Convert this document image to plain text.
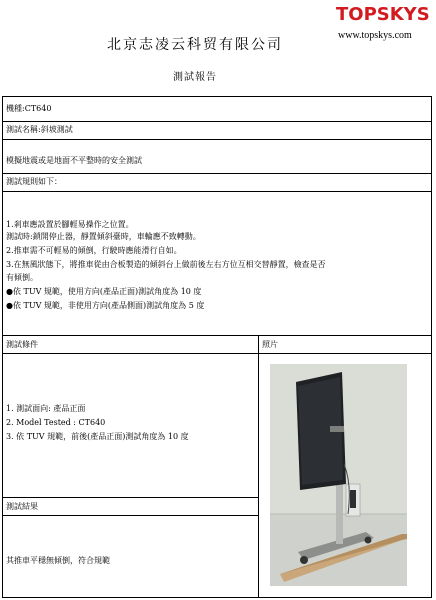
北京志凌云科贸有限公司
測試報告
TOPSKYS
www.topskys.com
機種:CT640
測試名稱:斜坡測試
模擬地震或是地面不平整時的安全測試
測試規則如下：
1.剎車應設置於腳輕易操作之位置。
測試時:鎖開停止器，靜置傾斜臺時，車輪應不致轉動。
2.推車需不可輕易的傾倒，行駛時應能滑行自如。
3.在無風狀態下，將推車從由合板製造的傾斜台上做前後左右方位互相交替靜置，檢查是否
有傾倒。
●依 TUV 規範，使用方向(產品正面)測試角度為 10 度
●依 TUV 規範，非使用方向(產品側面)測試角度為 5 度
測試條件	照片
1. 測試面向: 產品正面
2. Model Tested : CT640
3. 依 TUV 規範，前後(產品正面)測試角度為 10 度
測試結果
其推車平穩無傾倒，符合規範
